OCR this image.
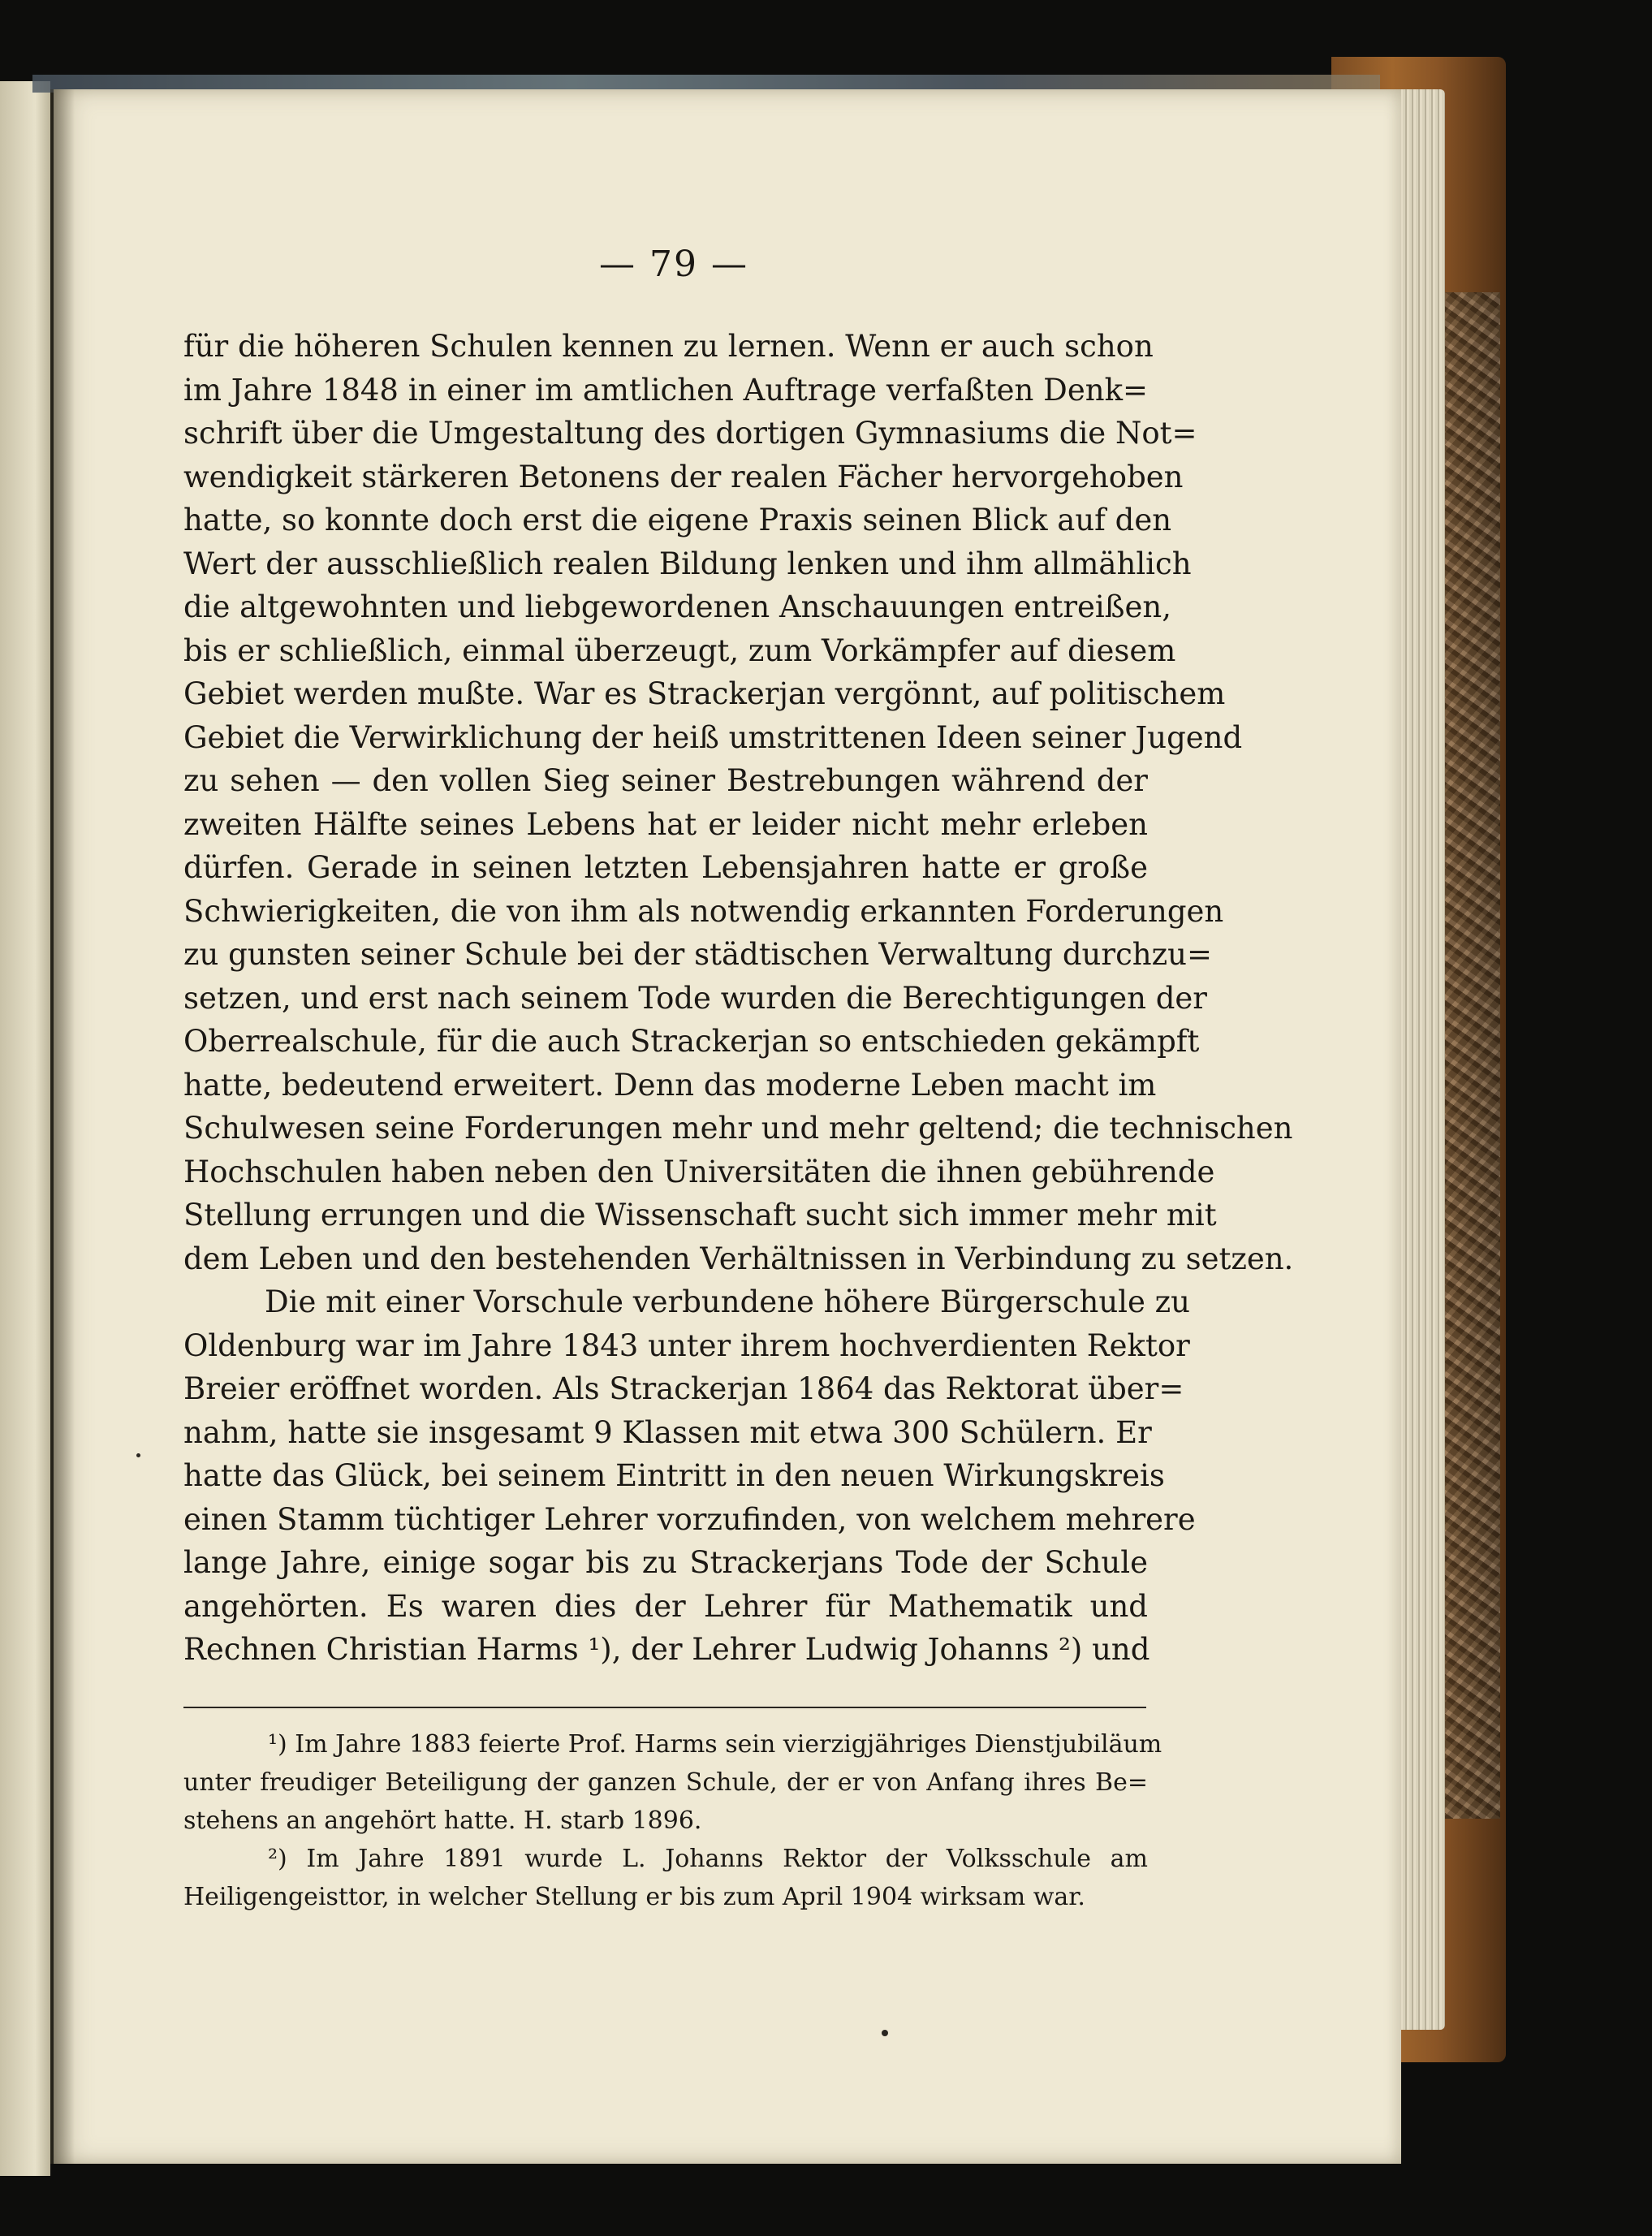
— 79 —
für die höheren Schulen kennen zu lernen. Wenn er auch schon
im Jahre 1848 in einer im amtlichen Auftrage verfaßten Denk=
schrift über die Umgestaltung des dortigen Gymnasiums die Not=
wendigkeit stärkeren Betonens der realen Fächer hervorgehoben
hatte, so konnte doch erst die eigene Praxis seinen Blick auf den
Wert der ausschließlich realen Bildung lenken und ihm allmählich
die altgewohnten und liebgewordenen Anschauungen entreißen,
bis er schließlich, einmal überzeugt, zum Vorkämpfer auf diesem
Gebiet werden mußte. War es Strackerjan vergönnt, auf politischem
Gebiet die Verwirklichung der heiß umstrittenen Ideen seiner Jugend
zu sehen — den vollen Sieg seiner Bestrebungen während der
zweiten Hälfte seines Lebens hat er leider nicht mehr erleben
dürfen. Gerade in seinen letzten Lebensjahren hatte er große
Schwierigkeiten, die von ihm als notwendig erkannten Forderungen
zu gunsten seiner Schule bei der städtischen Verwaltung durchzu=
setzen, und erst nach seinem Tode wurden die Berechtigungen der
Oberrealschule, für die auch Strackerjan so entschieden gekämpft
hatte, bedeutend erweitert. Denn das moderne Leben macht im
Schulwesen seine Forderungen mehr und mehr geltend; die technischen
Hochschulen haben neben den Universitäten die ihnen gebührende
Stellung errungen und die Wissenschaft sucht sich immer mehr mit
dem Leben und den bestehenden Verhältnissen in Verbindung zu setzen.
Die mit einer Vorschule verbundene höhere Bürgerschule zu
Oldenburg war im Jahre 1843 unter ihrem hochverdienten Rektor
Breier eröffnet worden. Als Strackerjan 1864 das Rektorat über=
nahm, hatte sie insgesamt 9 Klassen mit etwa 300 Schülern. Er
hatte das Glück, bei seinem Eintritt in den neuen Wirkungskreis
einen Stamm tüchtiger Lehrer vorzufinden, von welchem mehrere
lange Jahre, einige sogar bis zu Strackerjans Tode der Schule
angehörten. Es waren dies der Lehrer für Mathematik und
Rechnen Christian Harms ¹), der Lehrer Ludwig Johanns ²) und
¹) Im Jahre 1883 feierte Prof. Harms sein vierzigjähriges Dienstjubiläum
unter freudiger Beteiligung der ganzen Schule, der er von Anfang ihres Be=
stehens an angehört hatte. H. starb 1896.
²) Im Jahre 1891 wurde L. Johanns Rektor der Volksschule am
Heiligengeisttor, in welcher Stellung er bis zum April 1904 wirksam war.
